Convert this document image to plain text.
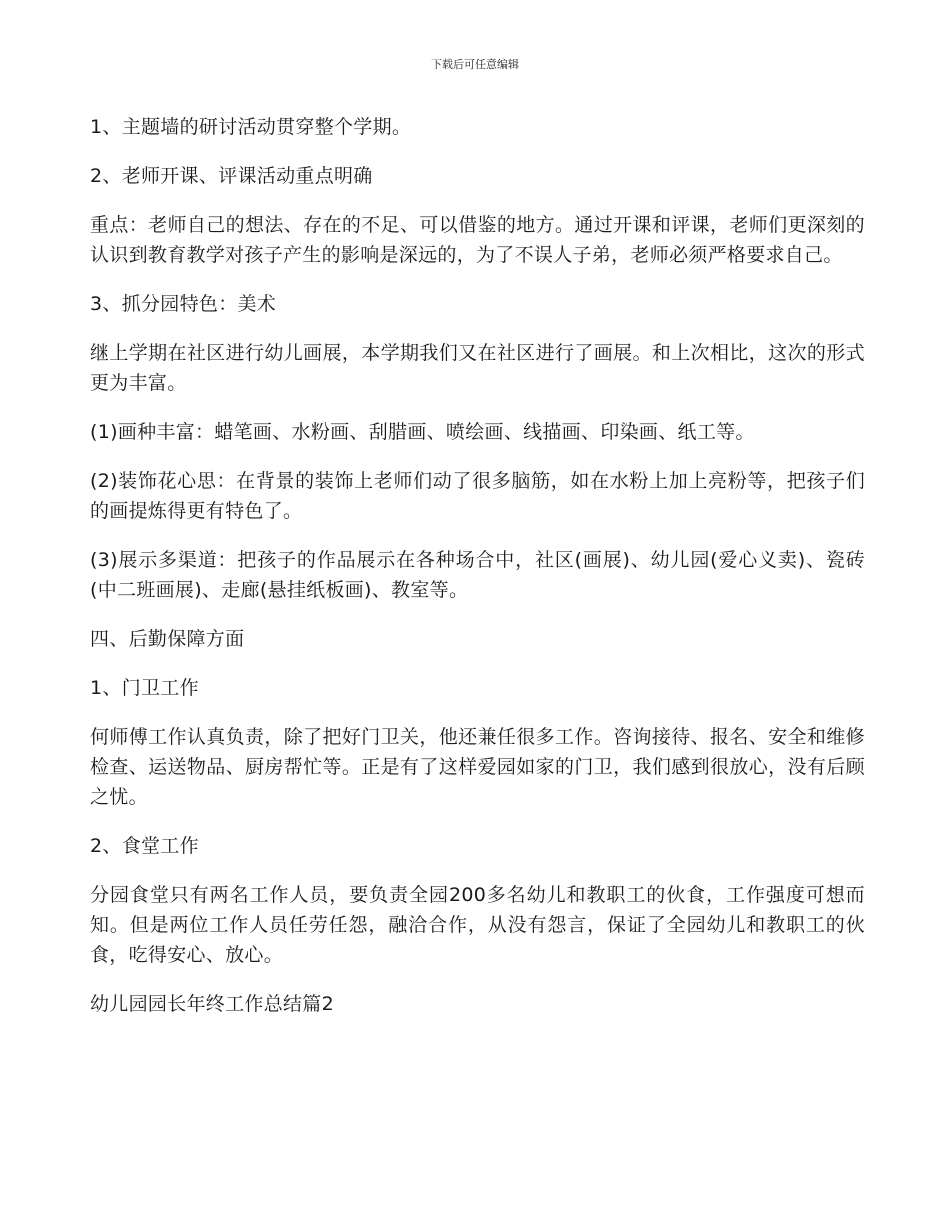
下载后可任意编辑

1、主题墙的研讨活动贯穿整个学期。

2、老师开课、评课活动重点明确

重点：老师自己的想法、存在的不足、可以借鉴的地方。通过开课和评课，老师们更深刻的认识到教育教学对孩子产生的影响是深远的，为了不误人子弟，老师必须严格要求自己。

3、抓分园特色：美术

继上学期在社区进行幼儿画展，本学期我们又在社区进行了画展。和上次相比，这次的形式更为丰富。

(1)画种丰富：蜡笔画、水粉画、刮腊画、喷绘画、线描画、印染画、纸工等。

(2)装饰花心思：在背景的装饰上老师们动了很多脑筋，如在水粉上加上亮粉等，把孩子们的画提炼得更有特色了。

(3)展示多渠道：把孩子的作品展示在各种场合中，社区(画展)、幼儿园(爱心义卖)、瓷砖(中二班画展)、走廊(悬挂纸板画)、教室等。

四、后勤保障方面

1、门卫工作

何师傅工作认真负责，除了把好门卫关，他还兼任很多工作。咨询接待、报名、安全和维修检查、运送物品、厨房帮忙等。正是有了这样爱园如家的门卫，我们感到很放心，没有后顾之忧。

2、食堂工作

分园食堂只有两名工作人员，要负责全园200多名幼儿和教职工的伙食，工作强度可想而知。但是两位工作人员任劳任怨，融洽合作，从没有怨言，保证了全园幼儿和教职工的伙食，吃得安心、放心。

幼儿园园长年终工作总结篇2
